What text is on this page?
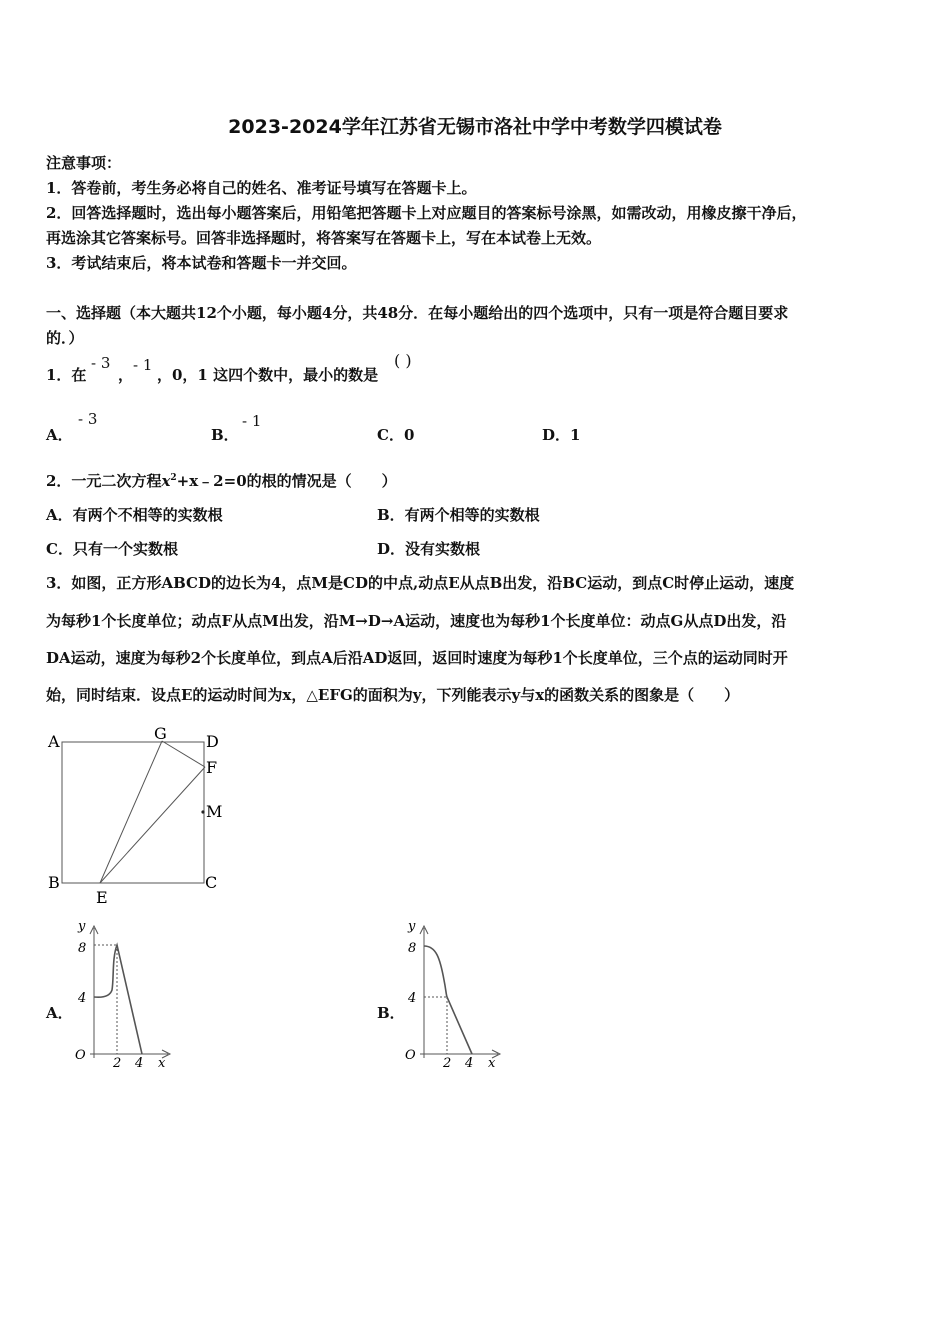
2023-2024学年江苏省无锡市洛社中学中考数学四模试卷
注意事项：
1．答卷前，考生务必将自己的姓名、准考证号填写在答题卡上。
2．回答选择题时，选出每小题答案后，用铅笔把答题卡上对应题目的答案标号涂黑，如需改动，用橡皮擦干净后，
再选涂其它答案标号。回答非选择题时，将答案写在答题卡上，写在本试卷上无效。
3．考试结束后，将本试卷和答题卡一并交回。
一、选择题（本大题共12个小题，每小题4分，共48分．在每小题给出的四个选项中，只有一项是符合题目要求
的．）
1．在
- 3
，
- 1
，0，1 这四个数中，最小的数是
( )
A．
- 3
B．
- 1
C．0	D．1
2．一元二次方程$x^2+x﹣2=0$的根的情况是（　　）
A．有两个不相等的实数根	B．有两个相等的实数根
C．只有一个实数根	D．没有实数根
3．如图，正方形ABCD的边长为4，点M是CD的中点,动点E从点B出发，沿BC运动，到点C时停止运动，速度
为每秒1个长度单位；动点F从点M出发，沿M→D→A运动，速度也为每秒1个长度单位：动点G从点D出发，沿
DA运动，速度为每秒2个长度单位，到点A后沿AD返回，返回时速度为每秒1个长度单位，三个点的运动同时开
始，同时结束．设点E的运动时间为x，△EFG的面积为y，下列能表示y与x的函数关系的图象是（　　）
A
B	C
D
E
F
G
M
A．
8
4
O
2 4 x
y
B．
8
4
O
2 4 x
y
